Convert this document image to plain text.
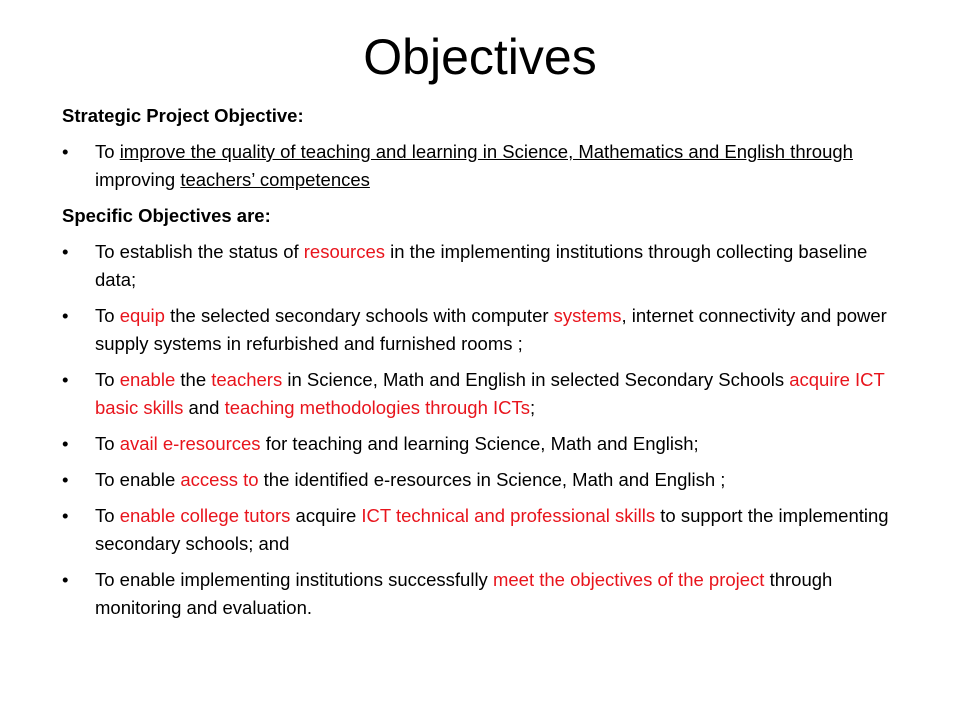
Objectives

Strategic Project Objective:

• To improve the quality of teaching and learning in Science, Mathematics and English through improving teachers’ competences

Specific Objectives are:

• To establish the status of resources in the implementing institutions through collecting baseline data;
• To equip the selected secondary schools with computer systems, internet connectivity and power supply systems in refurbished and furnished rooms ;
• To enable the teachers in Science, Math and English in selected Secondary Schools acquire ICT basic skills and teaching methodologies through ICTs;
• To avail e-resources for teaching and learning Science, Math and English;
• To enable access to the identified e-resources in Science, Math and English ;
• To enable college tutors acquire ICT technical and professional skills to support the implementing secondary schools; and
• To enable implementing institutions successfully meet the objectives of the project through monitoring and evaluation.
